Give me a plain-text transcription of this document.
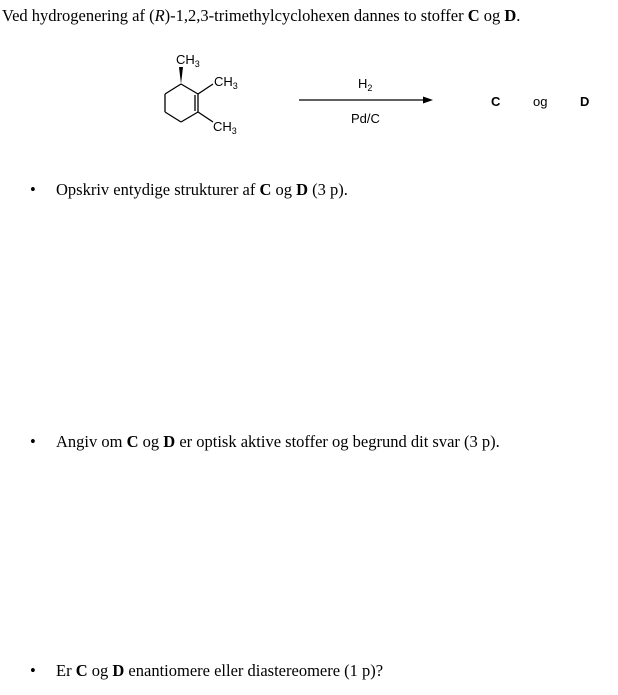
Ved hydrogenering af (R)-1,2,3-trimethylcyclohexen dannes to stoffer C og D.
$CH_3$
$CH_3$
$CH_3$
$H_2$
Pd/C
C	og	D
• Opskriv entydige strukturer af C og D (3 p).
• Angiv om C og D er optisk aktive stoffer og begrund dit svar (3 p).
• Er C og D enantiomere eller diastereomere (1 p)?
